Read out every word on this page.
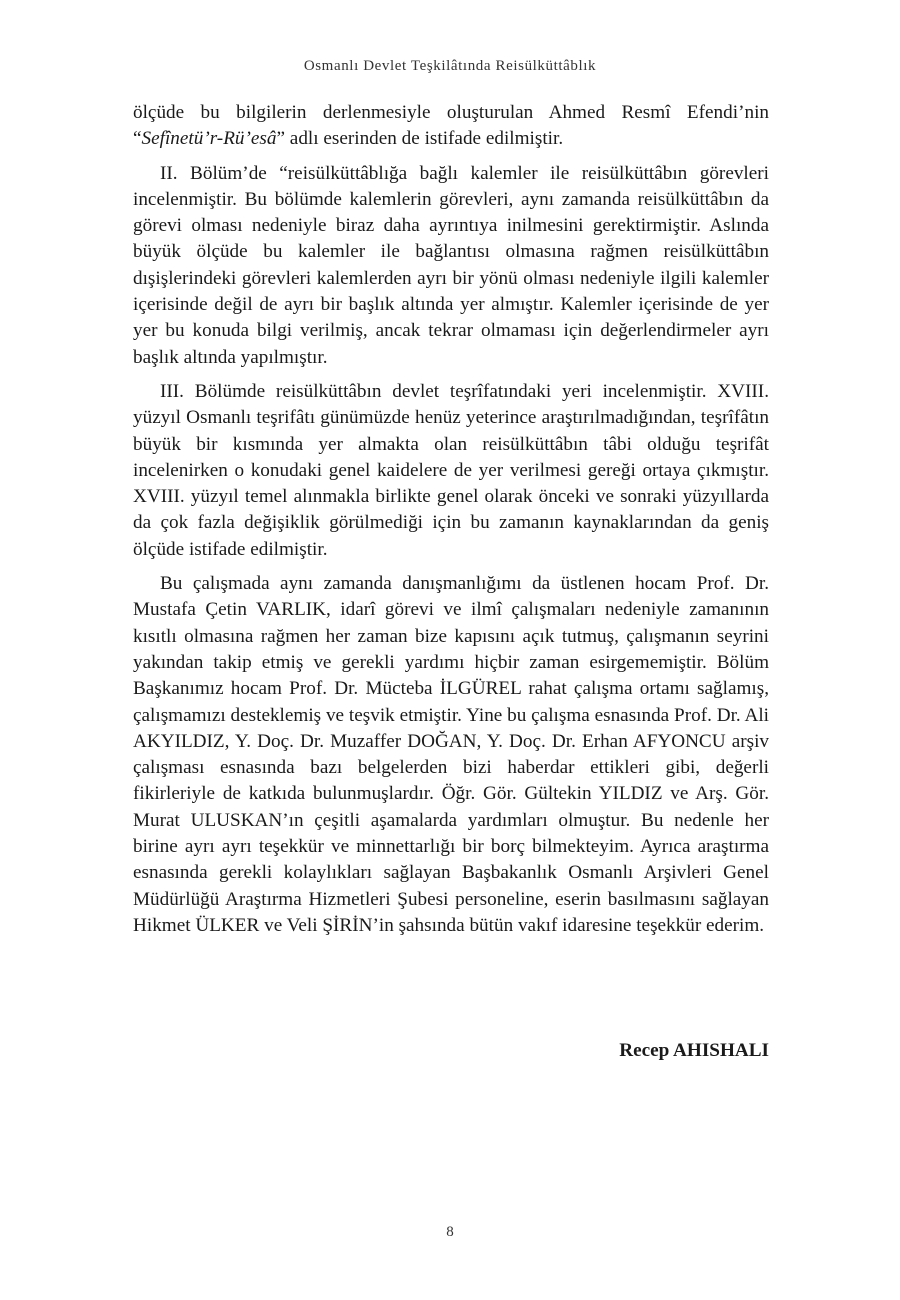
Osmanlı Devlet Teşkilâtında Reisülküttâblık

ölçüde bu bilgilerin derlenmesiyle oluşturulan Ahmed Resmî Efendi’nin “Sefînetü’r-Rü’esâ” adlı eserinden de istifade edilmiştir.

II. Bölüm’de “reisülküttâblığa bağlı kalemler ile reisülküttâbın görevleri incelenmiştir. Bu bölümde kalemlerin görevleri, aynı zamanda reisülküttâbın da görevi olması nedeniyle biraz daha ayrıntıya inilmesini gerektirmiştir. Aslında büyük ölçüde bu kalemler ile bağlantısı olmasına rağmen reisülküttâbın dışişlerindeki görevleri kalemlerden ayrı bir yönü olması nedeniyle ilgili kalemler içerisinde değil de ayrı bir başlık altında yer almıştır. Kalemler içerisinde de yer yer bu konuda bilgi verilmiş, ancak tekrar olmaması için değerlendirmeler ayrı başlık altında yapılmıştır.

III. Bölümde reisülküttâbın devlet teşrîfatındaki yeri incelenmiştir. XVIII. yüzyıl Osmanlı teşrifâtı günümüzde henüz yeterince araştırılmadığından, teşrîfâtın büyük bir kısmında yer almakta olan reisülküttâbın tâbi olduğu teşrifât incelenirken o konudaki genel kaidelere de yer verilmesi gereği ortaya çıkmıştır. XVIII. yüzyıl temel alınmakla birlikte genel olarak önceki ve sonraki yüzyıllarda da çok fazla değişiklik görülmediği için bu zamanın kaynaklarından da geniş ölçüde istifade edilmiştir.

Bu çalışmada aynı zamanda danışmanlığımı da üstlenen hocam Prof. Dr. Mustafa Çetin VARLIK, idarî görevi ve ilmî çalışmaları nedeniyle zamanının kısıtlı olmasına rağmen her zaman bize kapısını açık tutmuş, çalışmanın seyrini yakından takip etmiş ve gerekli yardımı hiçbir zaman esirgememiştir. Bölüm Başkanımız hocam Prof. Dr. Mücteba İLGÜREL rahat çalışma ortamı sağlamış, çalışmamızı desteklemiş ve teşvik etmiştir. Yine bu çalışma esnasında Prof. Dr. Ali AKYILDIZ, Y. Doç. Dr. Muzaffer DOĞAN, Y. Doç. Dr. Erhan AFYONCU arşiv çalışması esnasında bazı belgelerden bizi haberdar ettikleri gibi, değerli fikirleriyle de katkıda bulunmuşlardır. Öğr. Gör. Gültekin YILDIZ ve Arş. Gör. Murat ULUSKAN’ın çeşitli aşamalarda yardımları olmuştur. Bu nedenle her birine ayrı ayrı teşekkür ve minnettarlığı bir borç bilmekteyim. Ayrıca araştırma esnasında gerekli kolaylıkları sağlayan Başbakanlık Osmanlı Arşivleri Genel Müdürlüğü Araştırma Hizmetleri Şubesi personeline, eserin basılmasını sağlayan Hikmet ÜLKER ve Veli ŞİRİN’in şahsında bütün vakıf idaresine teşekkür ederim.

Recep AHISHALI
8
